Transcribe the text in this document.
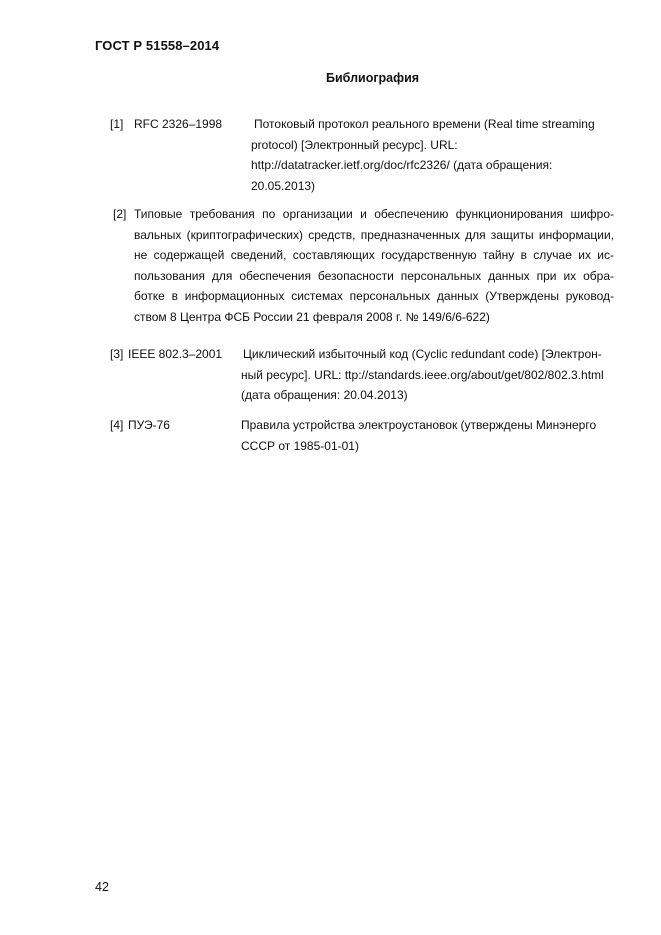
ГОСТ Р 51558–2014
Библиография
[1] RFC 2326–1998	Потоковый протокол реального времени (Real time streaming
protocol) [Электронный ресурс]. URL:
http://datatracker.ietf.org/doc/rfc2326/ (дата обращения:
20.05.2013)
[2] Типовые требования по организации и обеспечению функционирования шифро-
вальных (криптографических) средств, предназначенных для защиты информации,
не содержащей сведений, составляющих государственную тайну в случае их ис-
пользования для обеспечения безопасности персональных данных при их обра-
ботке в информационных системах персональных данных (Утверждены руковод-
ством 8 Центра ФСБ России 21 февраля 2008 г. № 149/6/6-622)
[3] IEEE 802.3–2001 Циклический избыточный код (Cyclic redundant code) [Электрон-
ный ресурс]. URL: ttp://standards.ieee.org/about/get/802/802.3.html
(дата обращения: 20.04.2013)
[4] ПУЭ-76	Правила устройства электроустановок (утверждены Минэнерго
СССР от 1985-01-01)
42
